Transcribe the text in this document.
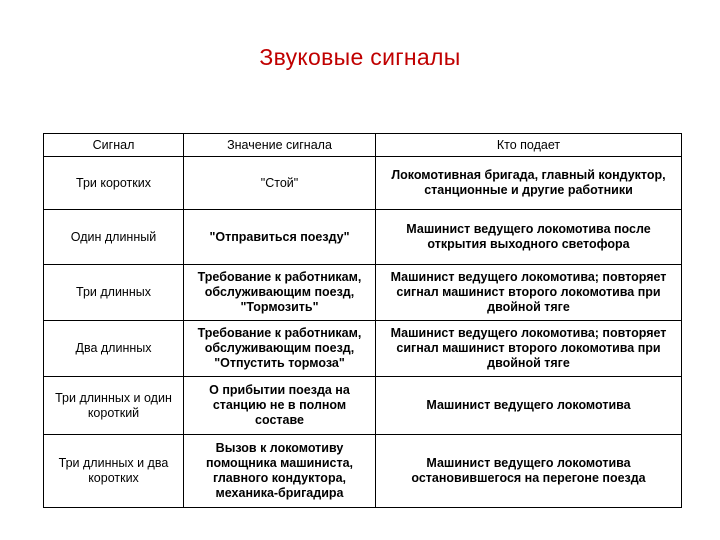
Звуковые сигналы
Сигнал	Значение сигнала	Кто подает
Три коротких	"Стой"	Локомотивная бригада, главный кондуктор, станционные и другие работники
Один длинный	"Отправиться поезду"	Машинист ведущего локомотива после открытия выходного светофора
Три длинных	Требование к работникам, обслуживающим поезд, "Тормозить"	Машинист ведущего локомотива; повторяет сигнал машинист второго локомотива при двойной тяге
Два длинных	Требование к работникам, обслуживающим поезд, "Отпустить тормоза"	Машинист ведущего локомотива; повторяет сигнал машинист второго локомотива при двойной тяге
Три длинных и один короткий	О прибытии поезда на станцию не в полном составе	Машинист ведущего локомотива
Три длинных и два коротких	Вызов к локомотиву помощника машиниста, главного кондуктора, механика-бригадира	Машинист ведущего локомотива остановившегося на перегоне поезда
